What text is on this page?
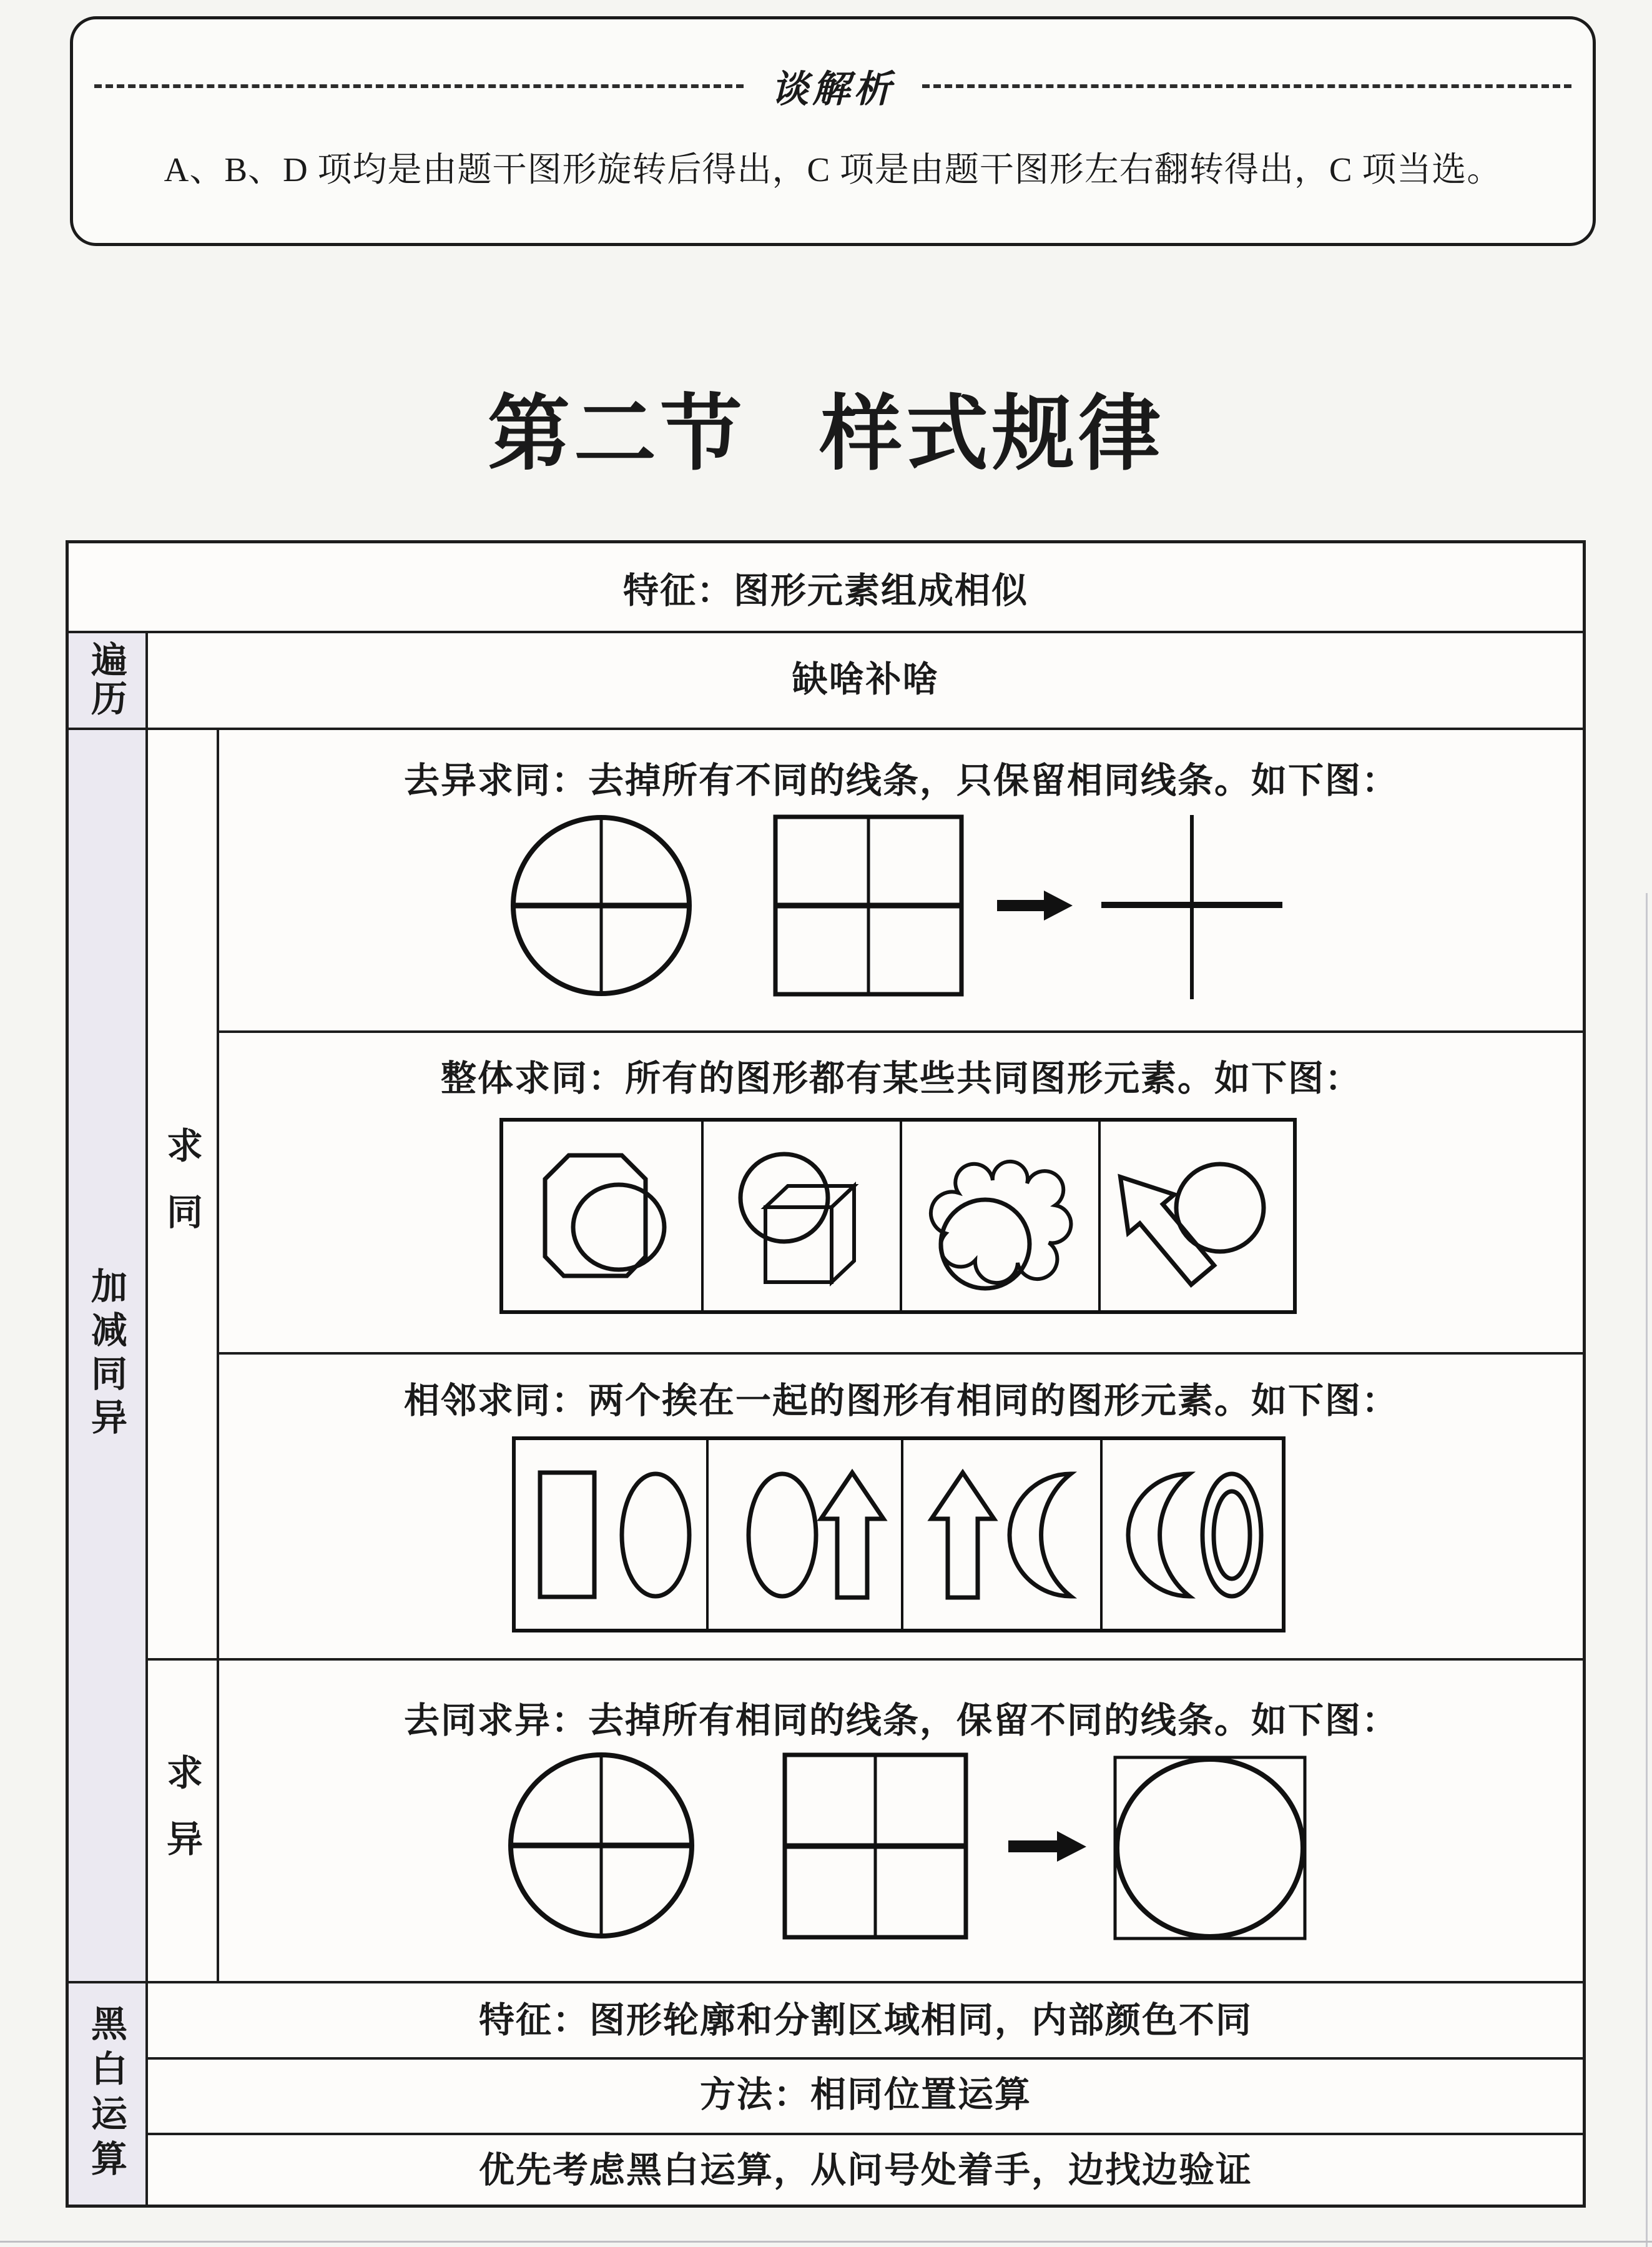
谈解析
A、B、D 项均是由题干图形旋转后得出，C 项是由题干图形左右翻转得出，C 项当选。
第二节 样式规律
特征：图形元素组成相似
遍历	缺啥补啥
加减同异
求同
求异
去异求同：去掉所有不同的线条，只保留相同线条。如下图：
整体求同：所有的图形都有某些共同图形元素。如下图：
相邻求同：两个挨在一起的图形有相同的图形元素。如下图：
去同求异：去掉所有相同的线条，保留不同的线条。如下图：
黑白运算	特征：图形轮廓和分割区域相同，内部颜色不同
方法：相同位置运算
优先考虑黑白运算，从问号处着手，边找边验证
